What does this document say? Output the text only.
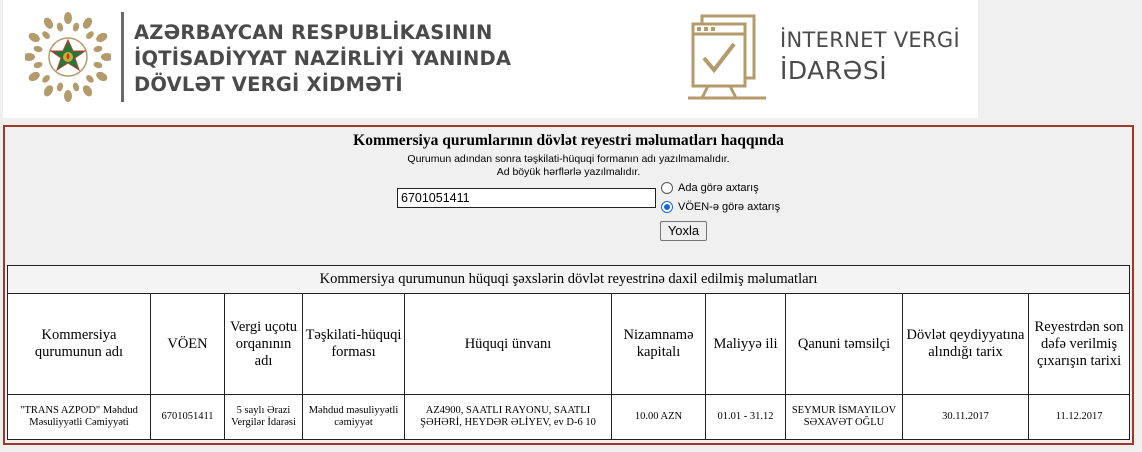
AZƏRBAYCAN RESPUBLİKASININ
İQTİSADİYYAT NAZİRLİYİ YANINDA
DÖVLƏT VERGİ XİDMƏTİ
İNTERNET VERGİ
İDARƏSİ
Kommersiya qurumlarının dövlət reyestri məlumatları haqqında
Qurumun adından sonra təşkilati-hüquqi formanın adı yazılmamalıdır.
Ad böyük hərflərlə yazılmalıdır.
6701051411
Ada görə axtarış
VÖEN-ə görə axtarış
Yoxla
Kommersiya qurumunun hüquqi şəxslərin dövlət reyestrinə daxil edilmiş məlumatları									
Kommersiya qurumunun adı	VÖEN	Vergi uçotu orqanının adı	Təşkilati-hüquqi forması	Hüquqi ünvanı	Nizamnamə kapitalı	Maliyyə ili	Qanuni təmsilçi	Dövlət qeydiyyatına alındığı tarix	Reyestrdən son dəfə verilmiş çıxarışın tarixi
"TRANS AZPOD" Məhdud Məsuliyyətli Cəmiyyəti	6701051411	5 saylı Ərazi Vergilər İdarəsi	Məhdud məsuliyyətli cəmiyyət	AZ4900, SAATLI RAYONU, SAATLI ŞƏHƏRİ, HEYDƏR ƏLİYEV, ev D-6 10	10.00 AZN	01.01 - 31.12	SEYMUR İSMAYILOV SƏXAVƏT OĞLU	30.11.2017	11.12.2017
